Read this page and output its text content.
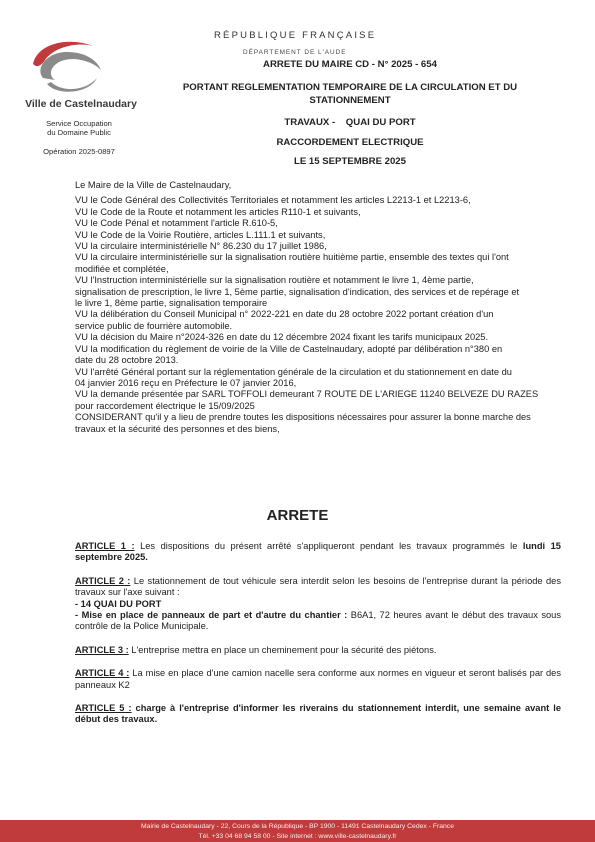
Ville de Castelnaudary
Service Occupation
du Domaine Public
Opération 2025-0897
RÉPUBLIQUE FRANÇAISE
DÉPARTEMENT DE L'AUDE
ARRETE DU MAIRE CD - N° 2025 - 654
PORTANT REGLEMENTATION TEMPORAIRE DE LA CIRCULATION ET DU
STATIONNEMENT
TRAVAUX -    QUAI DU PORT
RACCORDEMENT ELECTRIQUE
LE 15 SEPTEMBRE 2025
Le Maire de la Ville de Castelnaudary,
VU le Code Général des Collectivités Territoriales et notamment les articles L2213-1 et L2213-6,
VU le Code de la Route et notamment les articles R110-1 et suivants,
VU le Code Pénal et notamment l'article R.610-5,
VU le Code de la Voirie Routière, articles L.111.1 et suivants,
VU la circulaire interministérielle N° 86.230 du 17 juillet 1986,
VU la circulaire interministérielle sur la signalisation routière huitième partie, ensemble des textes qui l'ont
modifiée et complétée,
VU l'Instruction interministérielle sur la signalisation routière et notamment le livre 1, 4ème partie,
signalisation de prescription, le livre 1, 5ème partie, signalisation d'indication, des services et de repérage et
le livre 1, 8ème partie, signalisation temporaire
VU la délibération du Conseil Municipal n° 2022-221 en date du 28 octobre 2022 portant création d'un
service public de fourrière automobile.
VU la décision du Maire n°2024-326 en date du 12 décembre 2024 fixant les tarifs municipaux 2025.
VU la modification du règlement de voirie de la Ville de Castelnaudary, adopté par délibération n°380 en
date du 28 octobre 2013.
VU l'arrêté Général portant sur la réglementation générale de la circulation et du stationnement en date du
04 janvier 2016 reçu en Préfecture le 07 janvier 2016,
VU la demande présentée par SARL TOFFOLI demeurant 7 ROUTE DE L'ARIEGE 11240 BELVEZE DU RAZES
pour raccordement électrique le 15/09/2025
CONSIDERANT qu'il y a lieu de prendre toutes les dispositions nécessaires pour assurer la bonne marche des
travaux et la sécurité des personnes et des biens,
ARRETE

ARTICLE 1 : Les dispositions du présent arrêté s'appliqueront pendant les travaux programmés le lundi 15 septembre 2025.

ARTICLE 2 : Le stationnement de tout véhicule sera interdit selon les besoins de l'entreprise durant la période des travaux sur l'axe suivant :

- 14 QUAI DU PORT

- Mise en place de panneaux de part et d'autre du chantier : B6A1, 72 heures avant le début des travaux sous contrôle de la Police Municipale.

ARTICLE 3 : L'entreprise mettra en place un cheminement pour la sécurité des piétons.

ARTICLE 4 : La mise en place d'une camion nacelle sera conforme aux normes en vigueur et seront balisés par des panneaux K2

ARTICLE 5 : charge à l'entreprise d'informer les riverains du stationnement interdit, une semaine avant le début des travaux.

Mairie de Castelnaudary - 22, Cours de la République - BP 1900 - 11491 Castelnaudary Cedex - France
Tél. +33 04 68 94 58 00 - Site internet : www.ville-castelnaudary.fr
